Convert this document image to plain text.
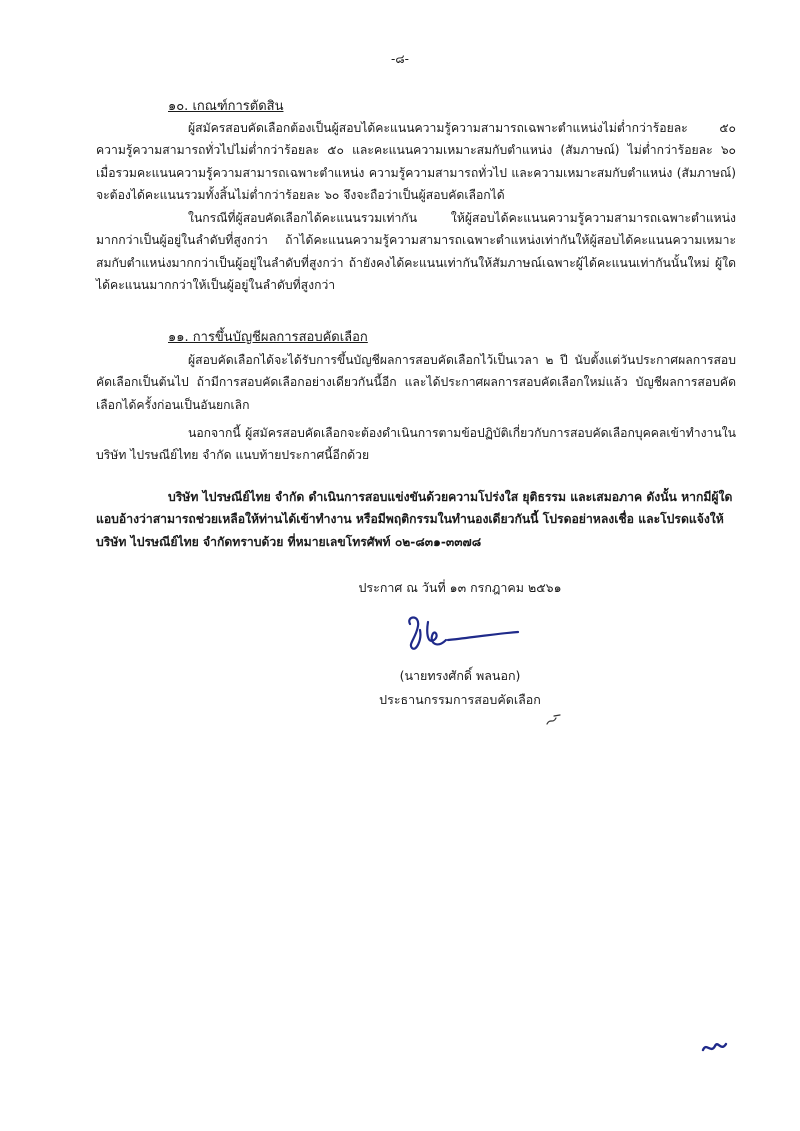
-๘-
๑๐. เกณฑ์การตัดสิน
ผู้สมัครสอบคัดเลือกต้องเป็นผู้สอบได้คะแนนความรู้ความสามารถเฉพาะตำแหน่งไม่ต่ำกว่าร้อยละ ๕๐ ความรู้ความสามารถทั่วไปไม่ต่ำกว่าร้อยละ ๕๐ และคะแนนความเหมาะสมกับตำแหน่ง (สัมภาษณ์) ไม่ต่ำกว่าร้อยละ ๖๐ เมื่อรวมคะแนนความรู้ความสามารถเฉพาะตำแหน่ง ความรู้ความสามารถทั่วไป และความเหมาะสมกับตำแหน่ง (สัมภาษณ์) จะต้องได้คะแนนรวมทั้งสิ้นไม่ต่ำกว่าร้อยละ ๖๐ จึงจะถือว่าเป็นผู้สอบคัดเลือกได้
ในกรณีที่ผู้สอบคัดเลือกได้คะแนนรวมเท่ากัน ให้ผู้สอบได้คะแนนความรู้ความสามารถเฉพาะตำแหน่งมากกว่าเป็นผู้อยู่ในลำดับที่สูงกว่า ถ้าได้คะแนนความรู้ความสามารถเฉพาะตำแหน่งเท่ากันให้ผู้สอบได้คะแนนความเหมาะสมกับตำแหน่งมากกว่าเป็นผู้อยู่ในลำดับที่สูงกว่า ถ้ายังคงได้คะแนนเท่ากันให้สัมภาษณ์เฉพาะผู้ได้คะแนนเท่ากันนั้นใหม่ ผู้ใดได้คะแนนมากกว่าให้เป็นผู้อยู่ในลำดับที่สูงกว่า
๑๑. การขึ้นบัญชีผลการสอบคัดเลือก
ผู้สอบคัดเลือกได้จะได้รับการขึ้นบัญชีผลการสอบคัดเลือกไว้เป็นเวลา ๒ ปี นับตั้งแต่วันประกาศผลการสอบคัดเลือกเป็นต้นไป ถ้ามีการสอบคัดเลือกอย่างเดียวกันนี้อีก และได้ประกาศผลการสอบคัดเลือกใหม่แล้ว บัญชีผลการสอบคัดเลือกได้ครั้งก่อนเป็นอันยกเลิก
นอกจากนี้ ผู้สมัครสอบคัดเลือกจะต้องดำเนินการตามข้อปฏิบัติเกี่ยวกับการสอบคัดเลือกบุคคลเข้าทำงานในบริษัท ไปรษณีย์ไทย จำกัด แนบท้ายประกาศนี้อีกด้วย
บริษัท ไปรษณีย์ไทย จำกัด ดำเนินการสอบแข่งขันด้วยความโปร่งใส ยุติธรรม และเสมอภาค ดังนั้น หากมีผู้ใดแอบอ้างว่าสามารถช่วยเหลือให้ท่านได้เข้าทำงาน หรือมีพฤติกรรมในทำนองเดียวกันนี้ โปรดอย่าหลงเชื่อ และโปรดแจ้งให้ บริษัท ไปรษณีย์ไทย จำกัดทราบด้วย ที่หมายเลขโทรศัพท์ ๐๒-๘๓๑-๓๓๗๘
ประกาศ ณ วันที่ ๑๓ กรกฎาคม ๒๕๖๑
(นายทรงศักดิ์ พลนอก)
ประธานกรรมการสอบคัดเลือก
